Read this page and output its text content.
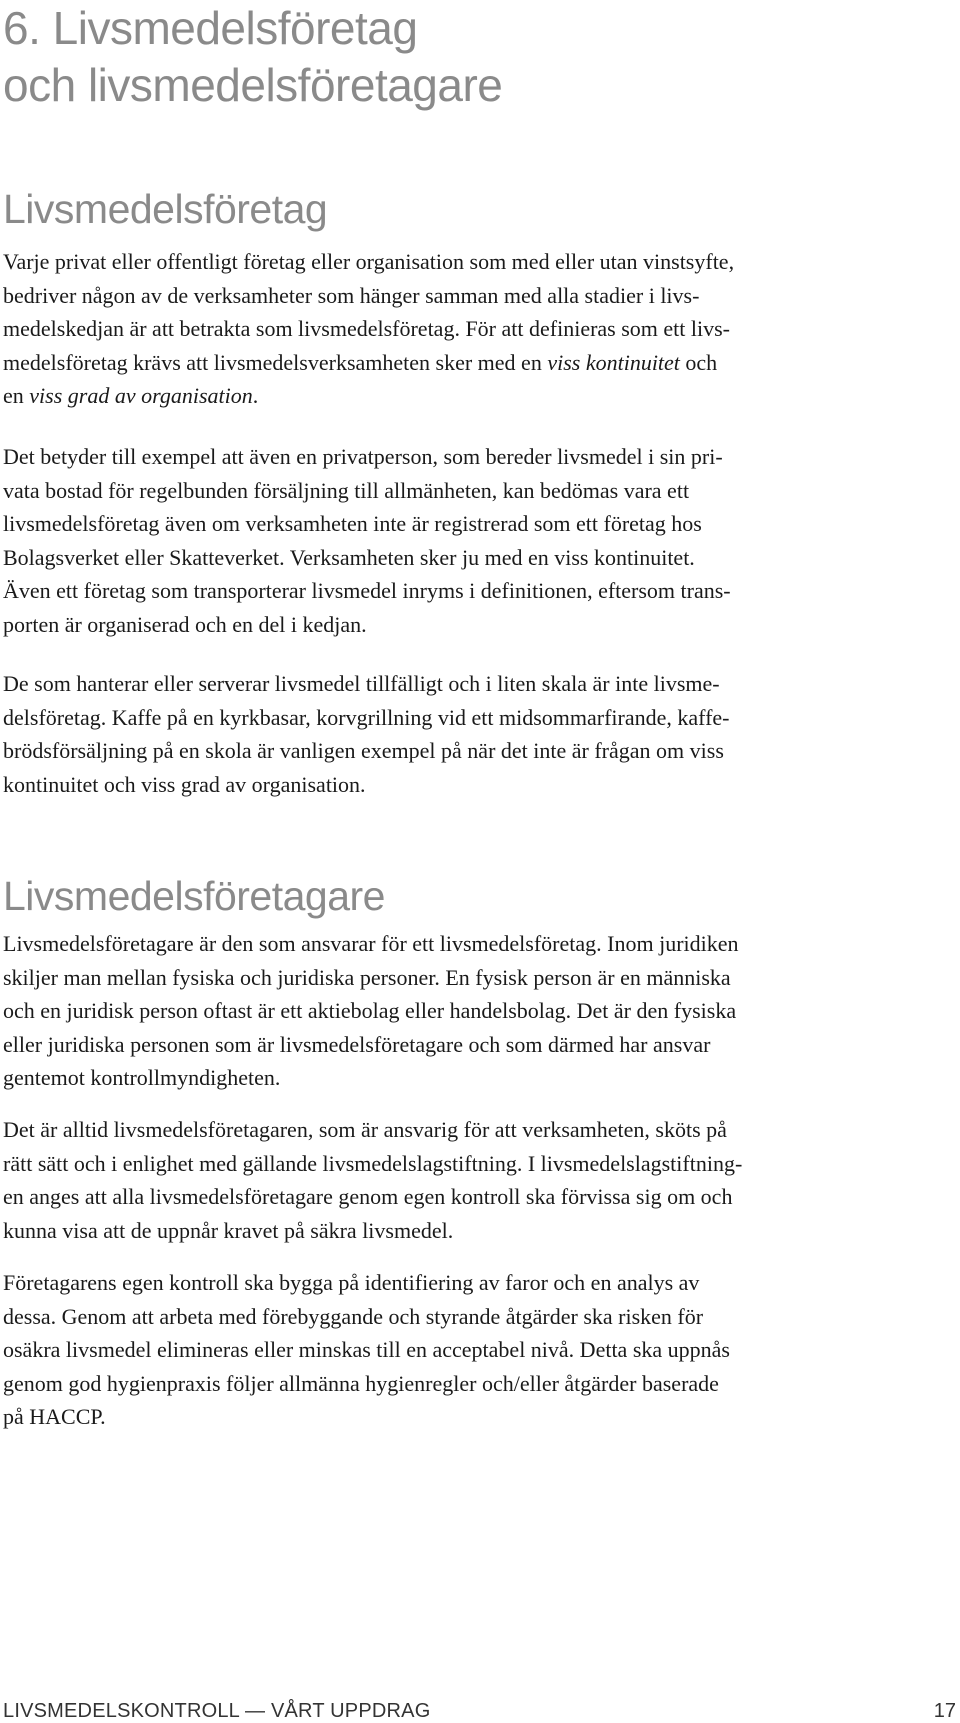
6. Livsmedelsföretag
och livsmedelsföretagare
Livsmedelsföretag

Varje privat eller offentligt företag eller organisation som med eller utan vinstsyfte,
bedriver någon av de verksamheter som hänger samman med alla stadier i livs-
medelskedjan är att betrakta som livsmedelsföretag. För att definieras som ett livs-
medelsföretag krävs att livsmedelsverksamheten sker med en viss kontinuitet och
en viss grad av organisation.

Det betyder till exempel att även en privatperson, som bereder livsmedel i sin pri-
vata bostad för regelbunden försäljning till allmänheten, kan bedömas vara ett
livsmedelsföretag även om verksamheten inte är registrerad som ett företag hos
Bolagsverket eller Skatteverket. Verksamheten sker ju med en viss kontinuitet.
Även ett företag som transporterar livsmedel inryms i definitionen, eftersom trans-
porten är organiserad och en del i kedjan.

De som hanterar eller serverar livsmedel tillfälligt och i liten skala är inte livsme-
delsföretag. Kaffe på en kyrkbasar, korvgrillning vid ett midsommarfirande, kaffe-
brödsförsäljning på en skola är vanligen exempel på när det inte är frågan om viss
kontinuitet och viss grad av organisation.

Livsmedelsföretagare

Livsmedelsföretagare är den som ansvarar för ett livsmedelsföretag. Inom juridiken
skiljer man mellan fysiska och juridiska personer. En fysisk person är en människa
och en juridisk person oftast är ett aktiebolag eller handelsbolag. Det är den fysiska
eller juridiska personen som är livsmedelsföretagare och som därmed har ansvar
gentemot kontrollmyndigheten.

Det är alltid livsmedelsföretagaren, som är ansvarig för att verksamheten, sköts på
rätt sätt och i enlighet med gällande livsmedelslagstiftning. I livsmedelslagstiftning-
en anges att alla livsmedelsföretagare genom egen kontroll ska förvissa sig om och
kunna visa att de uppnår kravet på säkra livsmedel.

Företagarens egen kontroll ska bygga på identifiering av faror och en analys av
dessa. Genom att arbeta med förebyggande och styrande åtgärder ska risken för
osäkra livsmedel elimineras eller minskas till en acceptabel nivå. Detta ska uppnås
genom god hygienpraxis följer allmänna hygienregler och/eller åtgärder baserade
på HACCP.

LIVSMEDELSKONTROLL — VÅRT UPPDRAG	17
